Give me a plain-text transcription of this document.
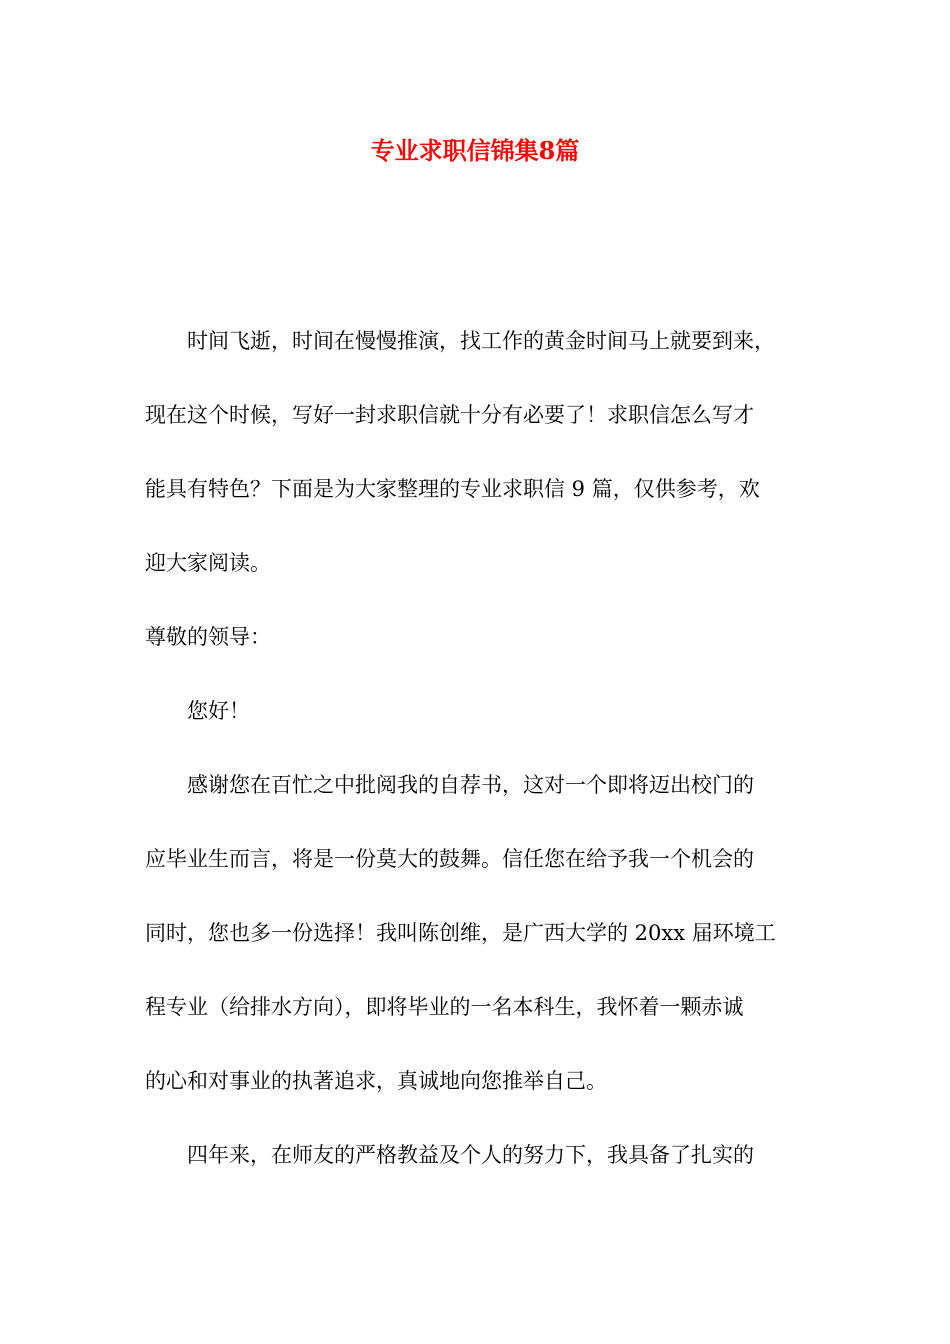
专业求职信锦集8篇
时间飞逝，时间在慢慢推演，找工作的黄金时间马上就要到来，
现在这个时候，写好一封求职信就十分有必要了！求职信怎么写才
能具有特色？下面是为大家整理的专业求职信 9 篇，仅供参考，欢
迎大家阅读。
尊敬的领导：
您好！
感谢您在百忙之中批阅我的自荐书，这对一个即将迈出校门的
应毕业生而言，将是一份莫大的鼓舞。信任您在给予我一个机会的
同时，您也多一份选择！我叫陈创维，是广西大学的 20xx 届环境工
程专业（给排水方向），即将毕业的一名本科生，我怀着一颗赤诚
的心和对事业的执著追求，真诚地向您推举自己。
四年来，在师友的严格教益及个人的努力下，我具备了扎实的
